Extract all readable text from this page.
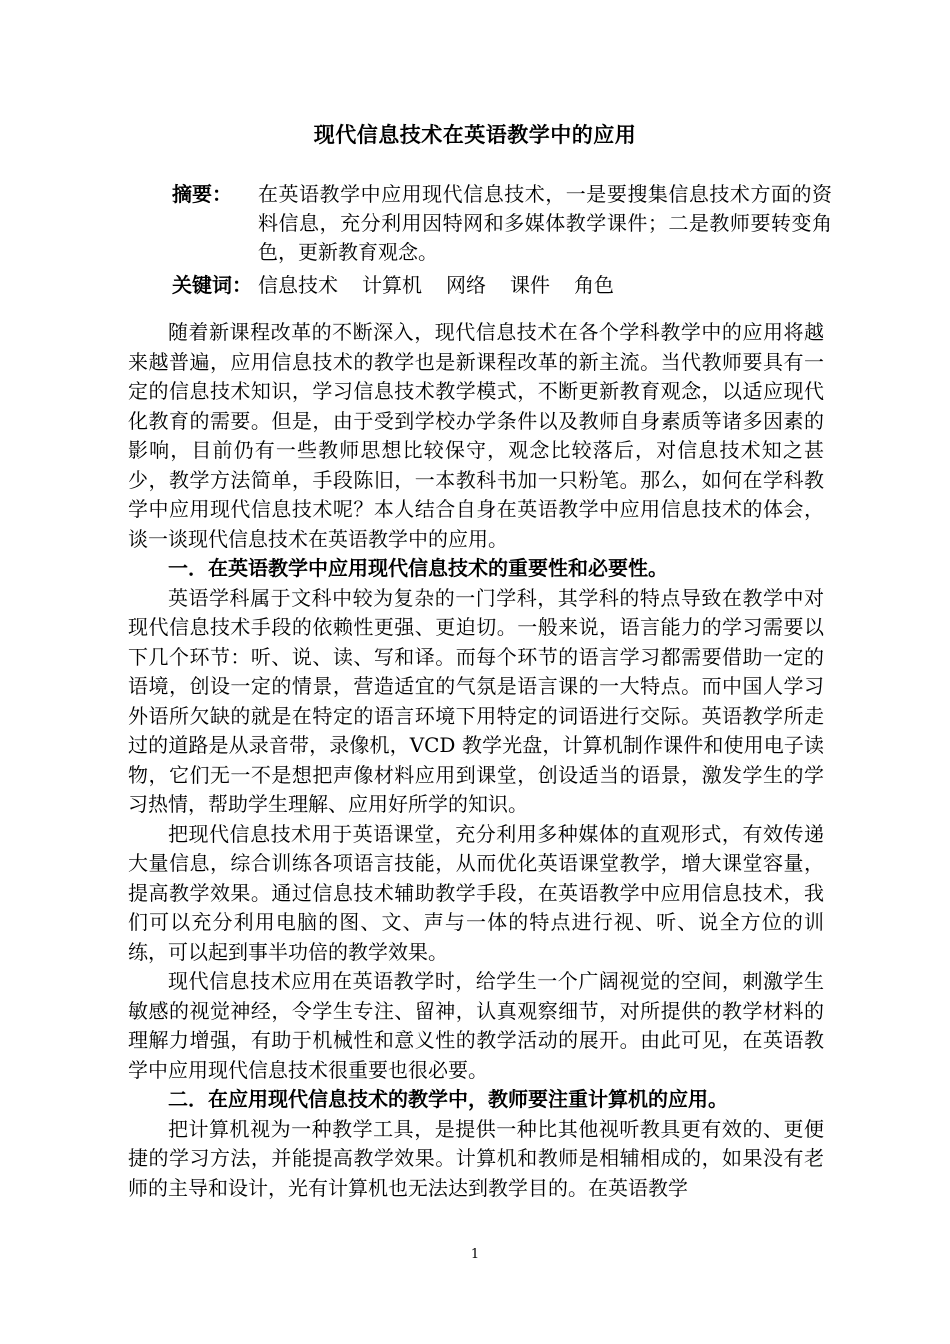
现代信息技术在英语教学中的应用
摘要：	在英语教学中应用现代信息技术，一是要搜集信息技术方面的资料信息，充分利用因特网和多媒体教学课件；二是教师要转变角色，更新教育观念。
关键词： 信息技术 计算机 网络 课件 角色

随着新课程改革的不断深入，现代信息技术在各个学科教学中的应用将越来越普遍，应用信息技术的教学也是新课程改革的新主流。当代教师要具有一定的信息技术知识，学习信息技术教学模式，不断更新教育观念，以适应现代化教育的需要。但是，由于受到学校办学条件以及教师自身素质等诸多因素的影响，目前仍有一些教师思想比较保守，观念比较落后，对信息技术知之甚少，教学方法简单，手段陈旧，一本教科书加一只粉笔。那么，如何在学科教学中应用现代信息技术呢？本人结合自身在英语教学中应用信息技术的体会，谈一谈现代信息技术在英语教学中的应用。

一．在英语教学中应用现代信息技术的重要性和必要性。

英语学科属于文科中较为复杂的一门学科，其学科的特点导致在教学中对现代信息技术手段的依赖性更强、更迫切。一般来说，语言能力的学习需要以下几个环节：听、说、读、写和译。而每个环节的语言学习都需要借助一定的语境，创设一定的情景，营造适宜的气氛是语言课的一大特点。而中国人学习外语所欠缺的就是在特定的语言环境下用特定的词语进行交际。英语教学所走过的道路是从录音带，录像机，VCD 教学光盘，计算机制作课件和使用电子读物，它们无一不是想把声像材料应用到课堂，创设适当的语景，激发学生的学习热情，帮助学生理解、应用好所学的知识。

把现代信息技术用于英语课堂，充分利用多种媒体的直观形式，有效传递大量信息，综合训练各项语言技能，从而优化英语课堂教学，增大课堂容量，提高教学效果。通过信息技术辅助教学手段，在英语教学中应用信息技术，我们可以充分利用电脑的图、文、声与一体的特点进行视、听、说全方位的训练，可以起到事半功倍的教学效果。

现代信息技术应用在英语教学时，给学生一个广阔视觉的空间，刺激学生敏感的视觉神经，令学生专注、留神，认真观察细节，对所提供的教学材料的理解力增强，有助于机械性和意义性的教学活动的展开。由此可见，在英语教学中应用现代信息技术很重要也很必要。

二．在应用现代信息技术的教学中，教师要注重计算机的应用。

把计算机视为一种教学工具，是提供一种比其他视听教具更有效的、更便捷的学习方法，并能提高教学效果。计算机和教师是相辅相成的，如果没有老师的主导和设计，光有计算机也无法达到教学目的。在英语教学

1
